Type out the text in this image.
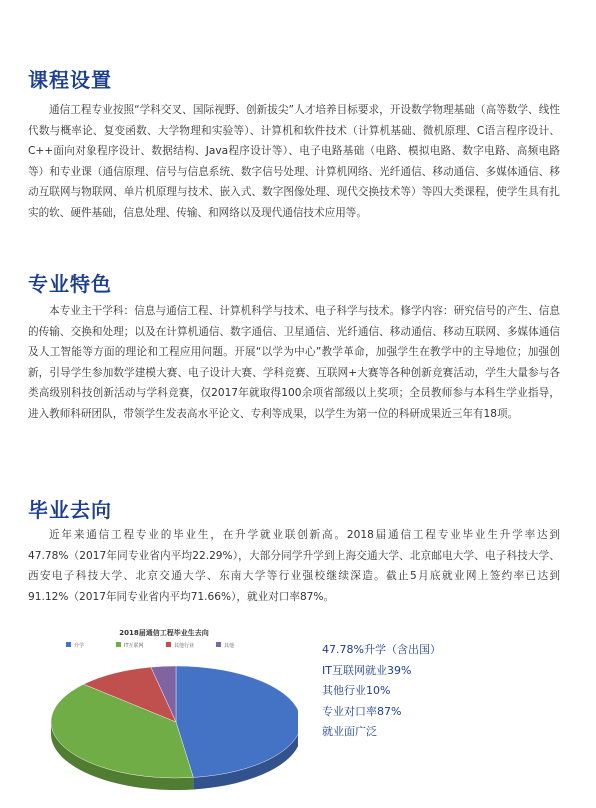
课程设置

通信工程专业按照“学科交叉、国际视野、创新拔尖”人才培养目标要求，开设数学物理基础（高等数学、线性代数与概率论、复变函数、大学物理和实验等）、计算机和软件技术（计算机基础、微机原理、C语言程序设计、C++面向对象程序设计、数据结构、Java程序设计等）、电子电路基础（电路、模拟电路、数字电路、高频电路等）和专业课（通信原理、信号与信息系统、数字信号处理、计算机网络、光纤通信、移动通信、多媒体通信、移动互联网与物联网、单片机原理与技术、嵌入式、数字图像处理、现代交换技术等）等四大类课程，使学生具有扎实的软、硬件基础，信息处理、传输、和网络以及现代通信技术应用等。

专业特色

本专业主干学科：信息与通信工程、计算机科学与技术、电子科学与技术。修学内容：研究信号的产生、信息的传输、交换和处理；以及在计算机通信、数字通信、卫星通信、光纤通信、移动通信、移动互联网、多媒体通信及人工智能等方面的理论和工程应用问题。开展“以学为中心”教学革命，加强学生在教学中的主导地位；加强创新，引导学生参加数学建模大赛、电子设计大赛、学科竞赛、互联网+大赛等各种创新竞赛活动，学生大量参与各类高级别科技创新活动与学科竞赛，仅2017年就取得100余项省部级以上奖项；全员教师参与本科生学业指导，进入教师科研团队，带领学生发表高水平论文、专利等成果，以学生为第一位的科研成果近三年有18项。

毕业去向

近年来通信工程专业的毕业生，在升学就业联创新高。2018届通信工程专业毕业生升学率达到47.78%（2017年同专业省内平均22.29%），大部分同学升学到上海交通大学、北京邮电大学、电子科技大学、西安电子科技大学、北京交通大学、东南大学等行业强校继续深造。截止5月底就业网上签约率已达到91.12%（2017年同专业省内平均71.66%），就业对口率87%。

2018届通信工程毕业生去向
升学	IT互联网	其他行业	其他	47.78%升学（含出国）
IT互联网就业39%
其他行业10%
专业对口率87%
就业面广泛
